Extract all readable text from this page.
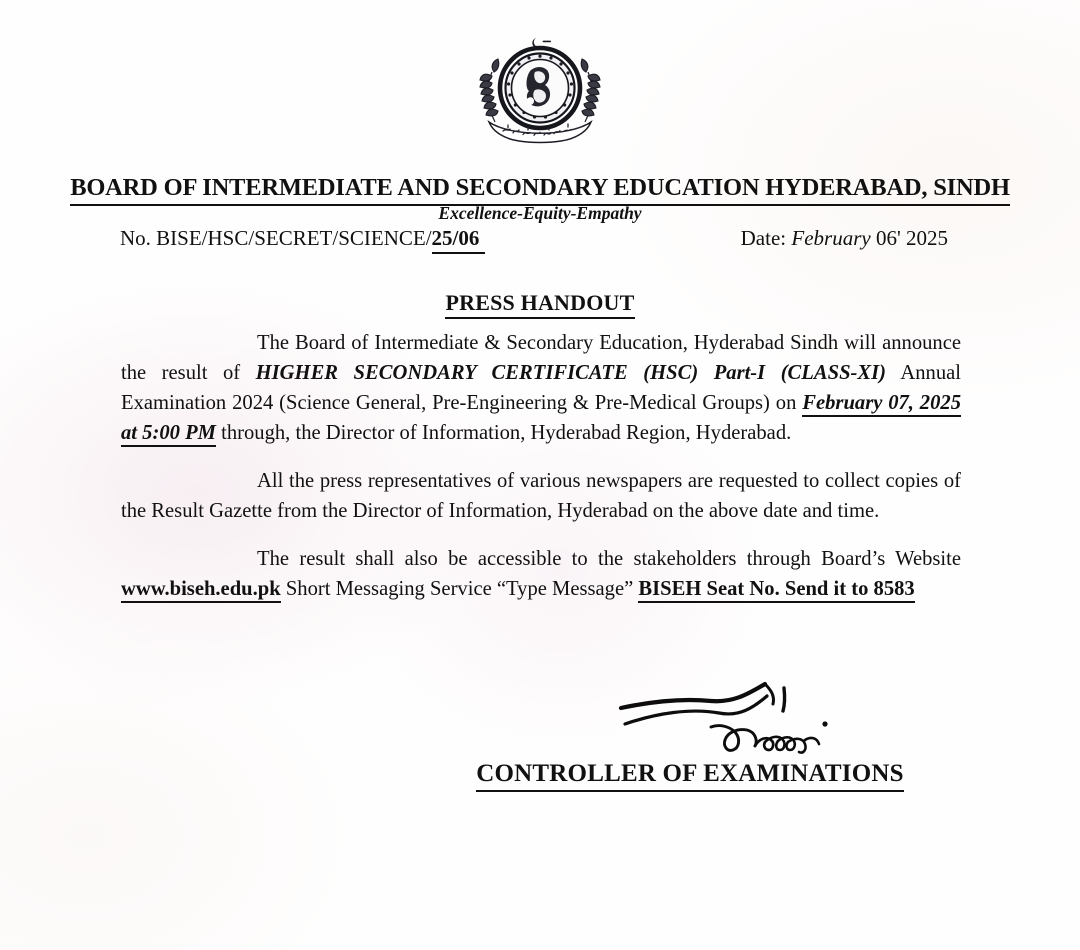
BOARD OF INTERMEDIATE AND SECONDARY EDUCATION HYDERABAD, SINDH
Excellence-Equity-Empathy
No. BISE/HSC/SECRET/SCIENCE/25/06	Date: February 06' 2025
PRESS HANDOUT

The Board of Intermediate & Secondary Education, Hyderabad Sindh will announce the result of HIGHER SECONDARY CERTIFICATE (HSC) Part-I (CLASS-XI) Annual Examination 2024 (Science General, Pre-Engineering & Pre-Medical Groups) on February 07, 2025 at 5:00 PM through, the Director of Information, Hyderabad Region, Hyderabad.

All the press representatives of various newspapers are requested to collect copies of the Result Gazette from the Director of Information, Hyderabad on the above date and time.

The result shall also be accessible to the stakeholders through Board’s Website www.biseh.edu.pk Short Messaging Service “Type Message” BISEH Seat No. Send it to 8583

CONTROLLER OF EXAMINATIONS
